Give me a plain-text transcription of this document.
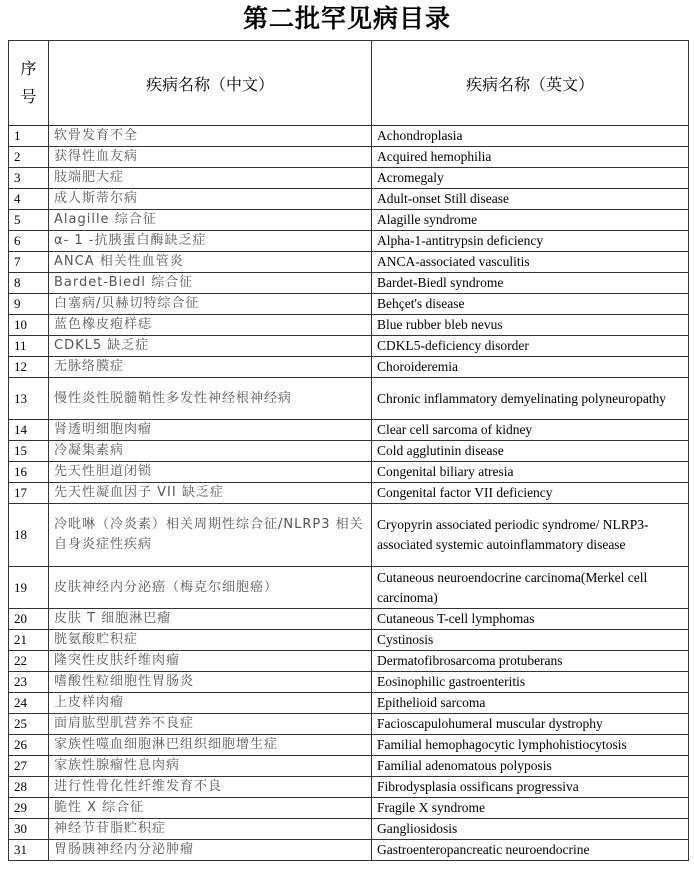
第二批罕见病目录
序
号	疾病名称（中文）	疾病名称（英文）
1	软骨发育不全	Achondroplasia
2	获得性血友病	Acquired hemophilia
3	肢端肥大症	Acromegaly
4	成人斯蒂尔病	Adult-onset Still disease
5	Alagille 综合征	Alagille syndrome
6	α- 1 -抗胰蛋白酶缺乏症	Alpha-1-antitrypsin deficiency
7	ANCA 相关性血管炎	ANCA-associated vasculitis
8	Bardet-Biedl 综合征	Bardet-Biedl syndrome
9	白塞病/贝赫切特综合征	Behçet's disease
10	蓝色橡皮疱样痣	Blue rubber bleb nevus
11	CDKL5 缺乏症	CDKL5-deficiency disorder
12	无脉络膜症	Choroideremia
13	慢性炎性脱髓鞘性多发性神经根神经病	Chronic inflammatory demyelinating polyneuropathy
14	肾透明细胞肉瘤	Clear cell sarcoma of kidney
15	冷凝集素病	Cold agglutinin disease
16	先天性胆道闭锁	Congenital biliary atresia
17	先天性凝血因子 VII 缺乏症	Congenital factor VII deficiency
18	冷吡啉（冷炎素）相关周期性综合征/NLRP3 相关自身炎症性疾病	Cryopyrin associated periodic syndrome/ NLRP3-associated systemic autoinflammatory disease
19	皮肤神经内分泌癌（梅克尔细胞癌）	Cutaneous neuroendocrine carcinoma(Merkel cell carcinoma)
20	皮肤 T 细胞淋巴瘤	Cutaneous T-cell lymphomas
21	胱氨酸贮积症	Cystinosis
22	隆突性皮肤纤维肉瘤	Dermatofibrosarcoma protuberans
23	嗜酸性粒细胞性胃肠炎	Eosinophilic gastroenteritis
24	上皮样肉瘤	Epithelioid sarcoma
25	面肩肱型肌营养不良症	Facioscapulohumeral muscular dystrophy
26	家族性噬血细胞淋巴组织细胞增生症	Familial hemophagocytic lymphohistiocytosis
27	家族性腺瘤性息肉病	Familial adenomatous polyposis
28	进行性骨化性纤维发育不良	Fibrodysplasia ossificans progressiva
29	脆性 X 综合征	Fragile X syndrome
30	神经节苷脂贮积症	Gangliosidosis
31	胃肠胰神经内分泌肿瘤	Gastroenteropancreatic neuroendocrine
